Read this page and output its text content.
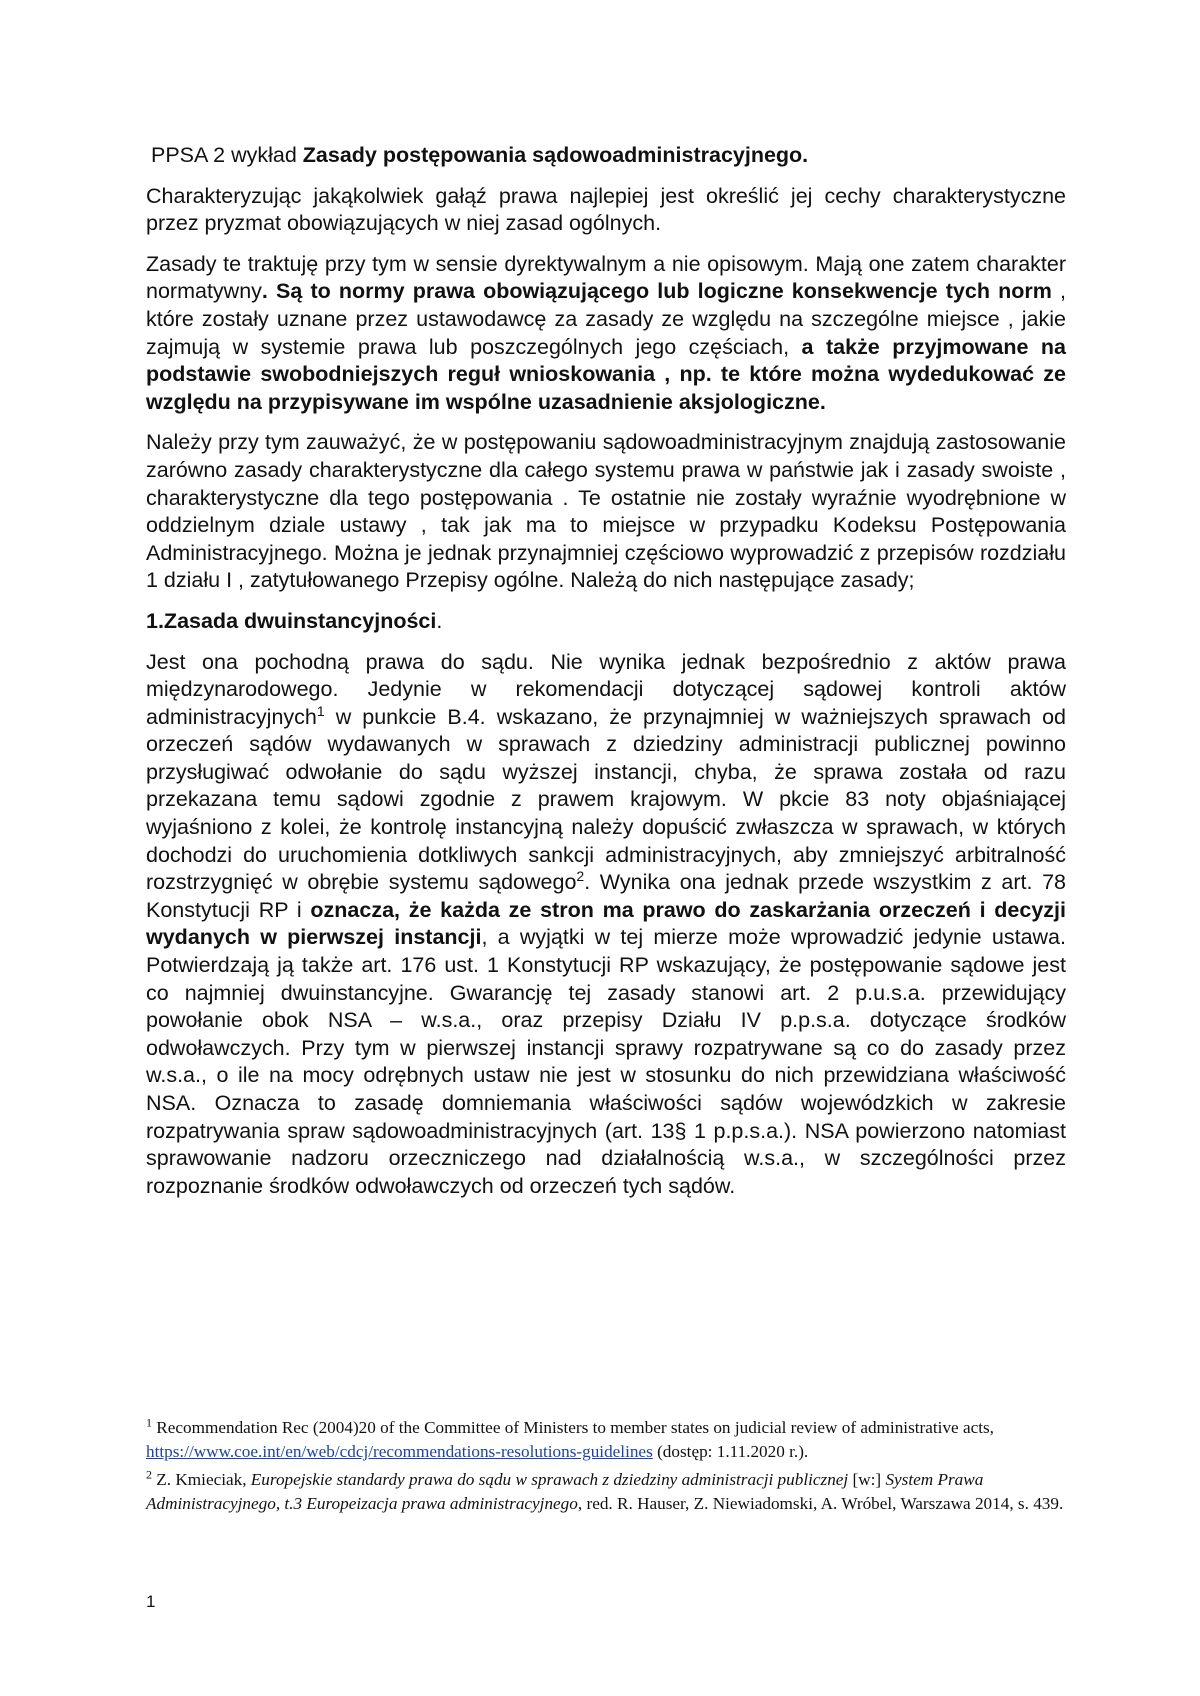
PPSA 2 wykład Zasady postępowania sądowoadministracyjnego.

Charakteryzując jakąkolwiek gałąź prawa najlepiej jest określić jej cechy charakterystyczne przez pryzmat obowiązujących w niej zasad ogólnych.

Zasady te traktuję przy tym w sensie dyrektywalnym a nie opisowym. Mają one zatem charakter normatywny. Są to normy prawa obowiązującego lub logiczne konsekwencje tych norm , które zostały uznane przez ustawodawcę za zasady ze względu na szczególne miejsce , jakie zajmują w systemie prawa lub poszczególnych jego częściach, a także przyjmowane na podstawie swobodniejszych reguł wnioskowania , np. te które można wydedukować ze względu na przypisywane im wspólne uzasadnienie aksjologiczne.

Należy przy tym zauważyć, że w postępowaniu sądowoadministracyjnym znajdują zastosowanie zarówno zasady charakterystyczne dla całego systemu prawa w państwie jak i zasady swoiste , charakterystyczne dla tego postępowania . Te ostatnie nie zostały wyraźnie wyodrębnione w oddzielnym dziale ustawy , tak jak ma to miejsce w przypadku Kodeksu Postępowania Administracyjnego. Można je jednak przynajmniej częściowo wyprowadzić z przepisów rozdziału 1 działu I , zatytułowanego Przepisy ogólne. Należą do nich następujące zasady;

1.Zasada dwuinstancyjności.

Jest ona pochodną prawa do sądu. Nie wynika jednak bezpośrednio z aktów prawa międzynarodowego. Jedynie w rekomendacji dotyczącej sądowej kontroli aktów administracyjnych$^1$ w punkcie B.4. wskazano, że przynajmniej w ważniejszych sprawach od orzeczeń sądów wydawanych w sprawach z dziedziny administracji publicznej powinno przysługiwać odwołanie do sądu wyższej instancji, chyba, że sprawa została od razu przekazana temu sądowi zgodnie z prawem krajowym. W pkcie 83 noty objaśniającej wyjaśniono z kolei, że kontrolę instancyjną należy dopuścić zwłaszcza w sprawach, w których dochodzi do uruchomienia dotkliwych sankcji administracyjnych, aby zmniejszyć arbitralność rozstrzygnięć w obrębie systemu sądowego$^2$. Wynika ona jednak przede wszystkim z art. 78 Konstytucji RP i oznacza, że każda ze stron ma prawo do zaskarżania orzeczeń i decyzji wydanych w pierwszej instancji, a wyjątki w tej mierze może wprowadzić jedynie ustawa. Potwierdzają ją także art. 176 ust. 1 Konstytucji RP wskazujący, że postępowanie sądowe jest co najmniej dwuinstancyjne. Gwarancję tej zasady stanowi art. 2 p.u.s.a. przewidujący powołanie obok NSA – w.s.a., oraz przepisy Działu IV p.p.s.a. dotyczące środków odwoławczych. Przy tym w pierwszej instancji sprawy rozpatrywane są co do zasady przez w.s.a., o ile na mocy odrębnych ustaw nie jest w stosunku do nich przewidziana właściwość NSA. Oznacza to zasadę domniemania właściwości sądów wojewódzkich w zakresie rozpatrywania spraw sądowoadministracyjnych (art. 13§ 1 p.p.s.a.). NSA powierzono natomiast sprawowanie nadzoru orzeczniczego nad działalnością w.s.a., w szczególności przez rozpoznanie środków odwoławczych od orzeczeń tych sądów.

$^1$ Recommendation Rec (2004)20 of the Committee of Ministers to member states on judicial review of administrative acts, https://www.coe.int/en/web/cdcj/recommendations-resolutions-guidelines (dostęp: 1.11.2020 r.).
$^2$ Z. Kmieciak, Europejskie standardy prawa do sądu w sprawach z dziedziny administracji publicznej [w:] System Prawa Administracyjnego, t.3 Europeizacja prawa administracyjnego, red. R. Hauser, Z. Niewiadomski, A. Wróbel, Warszawa 2014, s. 439.
1
